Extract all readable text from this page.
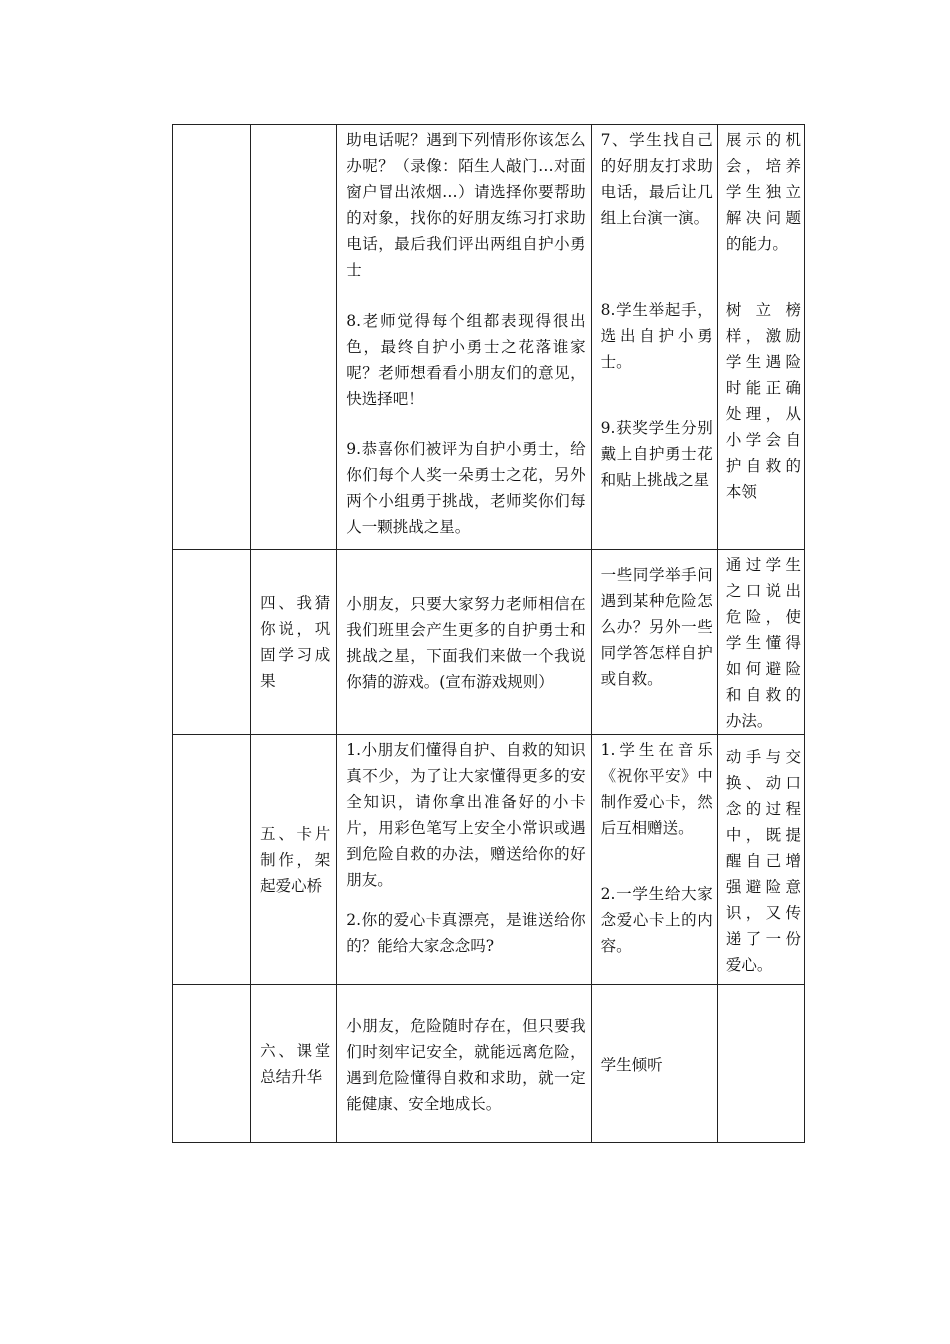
		助电话呢？遇到下列情形你该怎么办呢？（录像：陌生人敲门…对面窗户冒出浓烟…）请选择你要帮助的对象，找你的好朋友练习打求助电话，最后我们评出两组自护小勇士
8.老师觉得每个组都表现得很出色，最终自护小勇士之花落谁家呢？老师想看看小朋友们的意见，快选择吧！
9.恭喜你们被评为自护小勇士，给你们每个人奖一朵勇士之花，另外两个小组勇于挑战，老师奖你们每人一颗挑战之星。	7、学生找自己的好朋友打求助电话，最后让几组上台演一演。
8.学生举起手，选出自护小勇士。
9.获奖学生分别戴上自护勇士花和贴上挑战之星	展示的机会，培养学生独立解决问题的能力。
树立榜样，激励学生遇险时能正确处理，从小学会自护自救的本领

	四、我猜你说，巩固学习成果	小朋友，只要大家努力老师相信在我们班里会产生更多的自护勇士和挑战之星，下面我们来做一个我说你猜的游戏。(宣布游戏规则）	一些同学举手问遇到某种危险怎么办？另外一些同学答怎样自护或自救。	通过学生之口说出危险，使学生懂得如何避险和自救的办法。

	五、卡片制作，架起爱心桥	1.小朋友们懂得自护、自救的知识真不少，为了让大家懂得更多的安全知识，请你拿出准备好的小卡片，用彩色笔写上安全小常识或遇到危险自救的办法，赠送给你的好朋友。
2.你的爱心卡真漂亮，是谁送给你的？能给大家念念吗?	1.学生在音乐《祝你平安》中制作爱心卡，然后互相赠送。
2.一学生给大家念爱心卡上的内容。	动手与交换、动口念的过程中，既提醒自己增强避险意识，又传递了一份爱心。

	六、课堂总结升华	小朋友，危险随时存在，但只要我们时刻牢记安全，就能远离危险，遇到危险懂得自救和求助，就一定能健康、安全地成长。	学生倾听	
